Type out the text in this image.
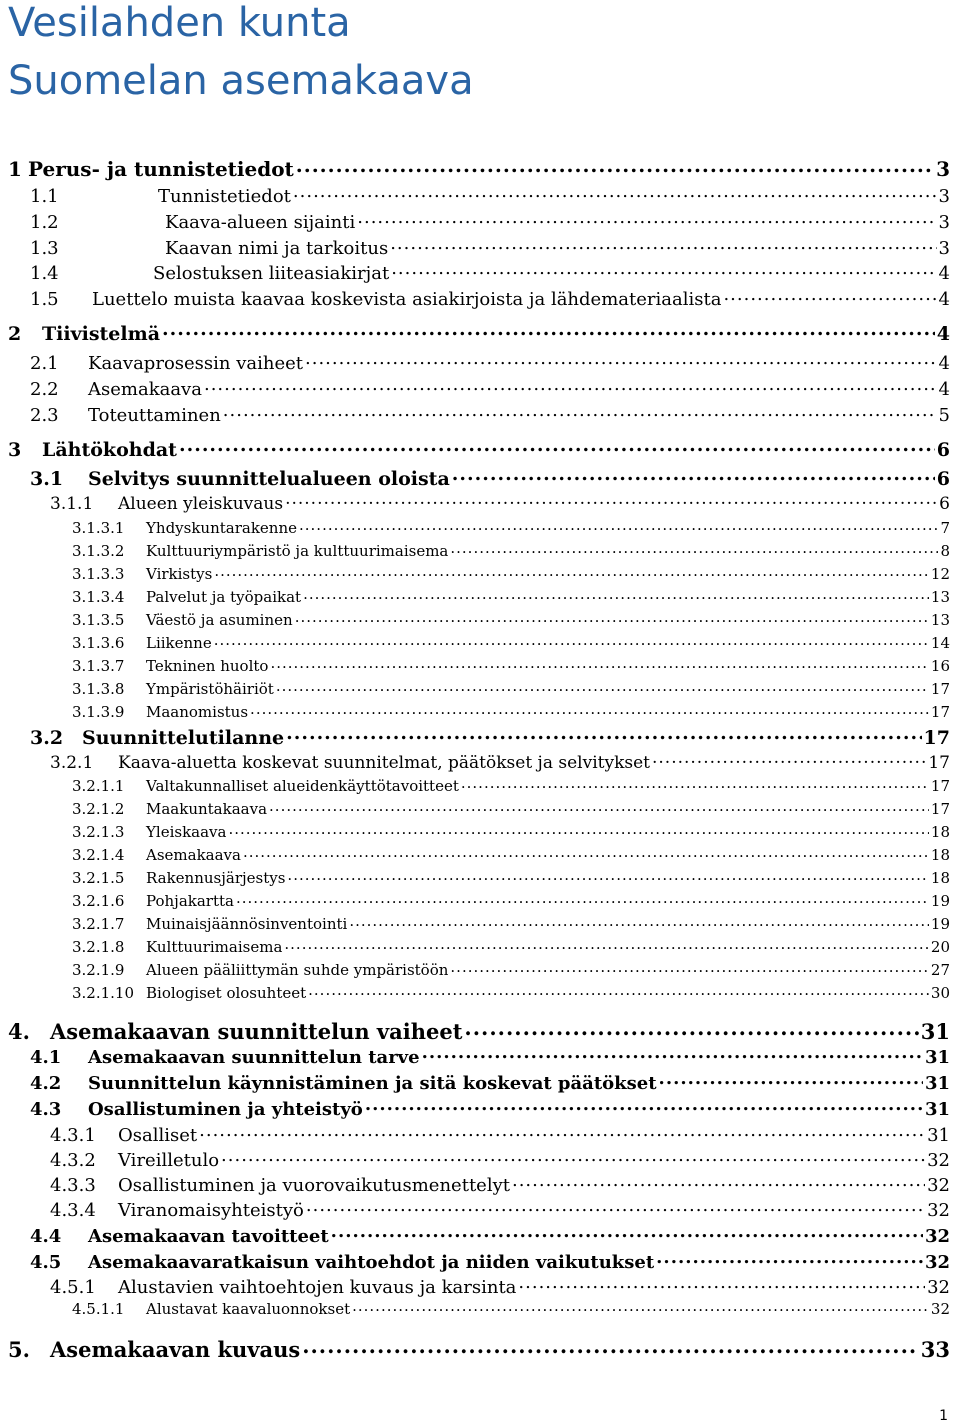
Vesilahden kunta
Suomelan asemakaava
1 Perus- ja tunnistetiedot .....	3
1.1	Tunnistetiedot .....	3
1.2	Kaava-alueen sijainti .....	3
1.3	Kaavan nimi ja tarkoitus .....	3
1.4	Selostuksen liiteasiakirjat .....	4
1.5	Luettelo muista kaavaa koskevista asiakirjoista ja lähdemateriaalista .....	4
2	Tiivistelmä .....	4
2.1	Kaavaprosessin vaiheet .....	4
2.2	Asemakaava .....	4
2.3	Toteuttaminen .....	5
3	Lähtökohdat .....	6
3.1	Selvitys suunnittelualueen oloista .....	6
3.1.1	Alueen yleiskuvaus .....	6
3.1.3.1	Yhdyskuntarakenne .....	7
3.1.3.2	Kulttuuriympäristö ja kulttuurimaisema .....	8
3.1.3.3	Virkistys .....	12
3.1.3.4	Palvelut ja työpaikat .....	13
3.1.3.5	Väestö ja asuminen .....	13
3.1.3.6	Liikenne .....	14
3.1.3.7	Tekninen huolto .....	16
3.1.3.8	Ympäristöhäiriöt .....	17
3.1.3.9	Maanomistus .....	17
3.2 Suunnittelutilanne .....	17
3.2.1	Kaava-aluetta koskevat suunnitelmat, päätökset ja selvitykset .....	17
3.2.1.1	Valtakunnalliset alueidenkäyttötavoitteet .....	17
3.2.1.2	Maakuntakaava .....	17
3.2.1.3	Yleiskaava .....	18
3.2.1.4	Asemakaava .....	18
3.2.1.5	Rakennusjärjestys .....	18
3.2.1.6	Pohjakartta .....	19
3.2.1.7	Muinaisjäännösinventointi .....	19
3.2.1.8	Kulttuurimaisema .....	20
3.2.1.9	Alueen pääliittymän suhde ympäristöön .....	27
3.2.1.10 Biologiset olosuhteet .....	30
4. Asemakaavan suunnittelun vaiheet .....	31
4.1	Asemakaavan suunnittelun tarve .....	31
4.2	Suunnittelun käynnistäminen ja sitä koskevat päätökset .....	31
4.3	Osallistuminen ja yhteistyö .....	31
4.3.1	Osalliset .....	31
4.3.2	Vireilletulo .....	32
4.3.3	Osallistuminen ja vuorovaikutusmenettelyt .....	32
4.3.4	Viranomaisyhteistyö .....	32
4.4	Asemakaavan tavoitteet .....	32
4.5	Asemakaavaratkaisun vaihtoehdot ja niiden vaikutukset .....	32
4.5.1	Alustavien vaihtoehtojen kuvaus ja karsinta .....	32
4.5.1.1	Alustavat kaavaluonnokset .....	32
5. Asemakaavan kuvaus .....	33
1
